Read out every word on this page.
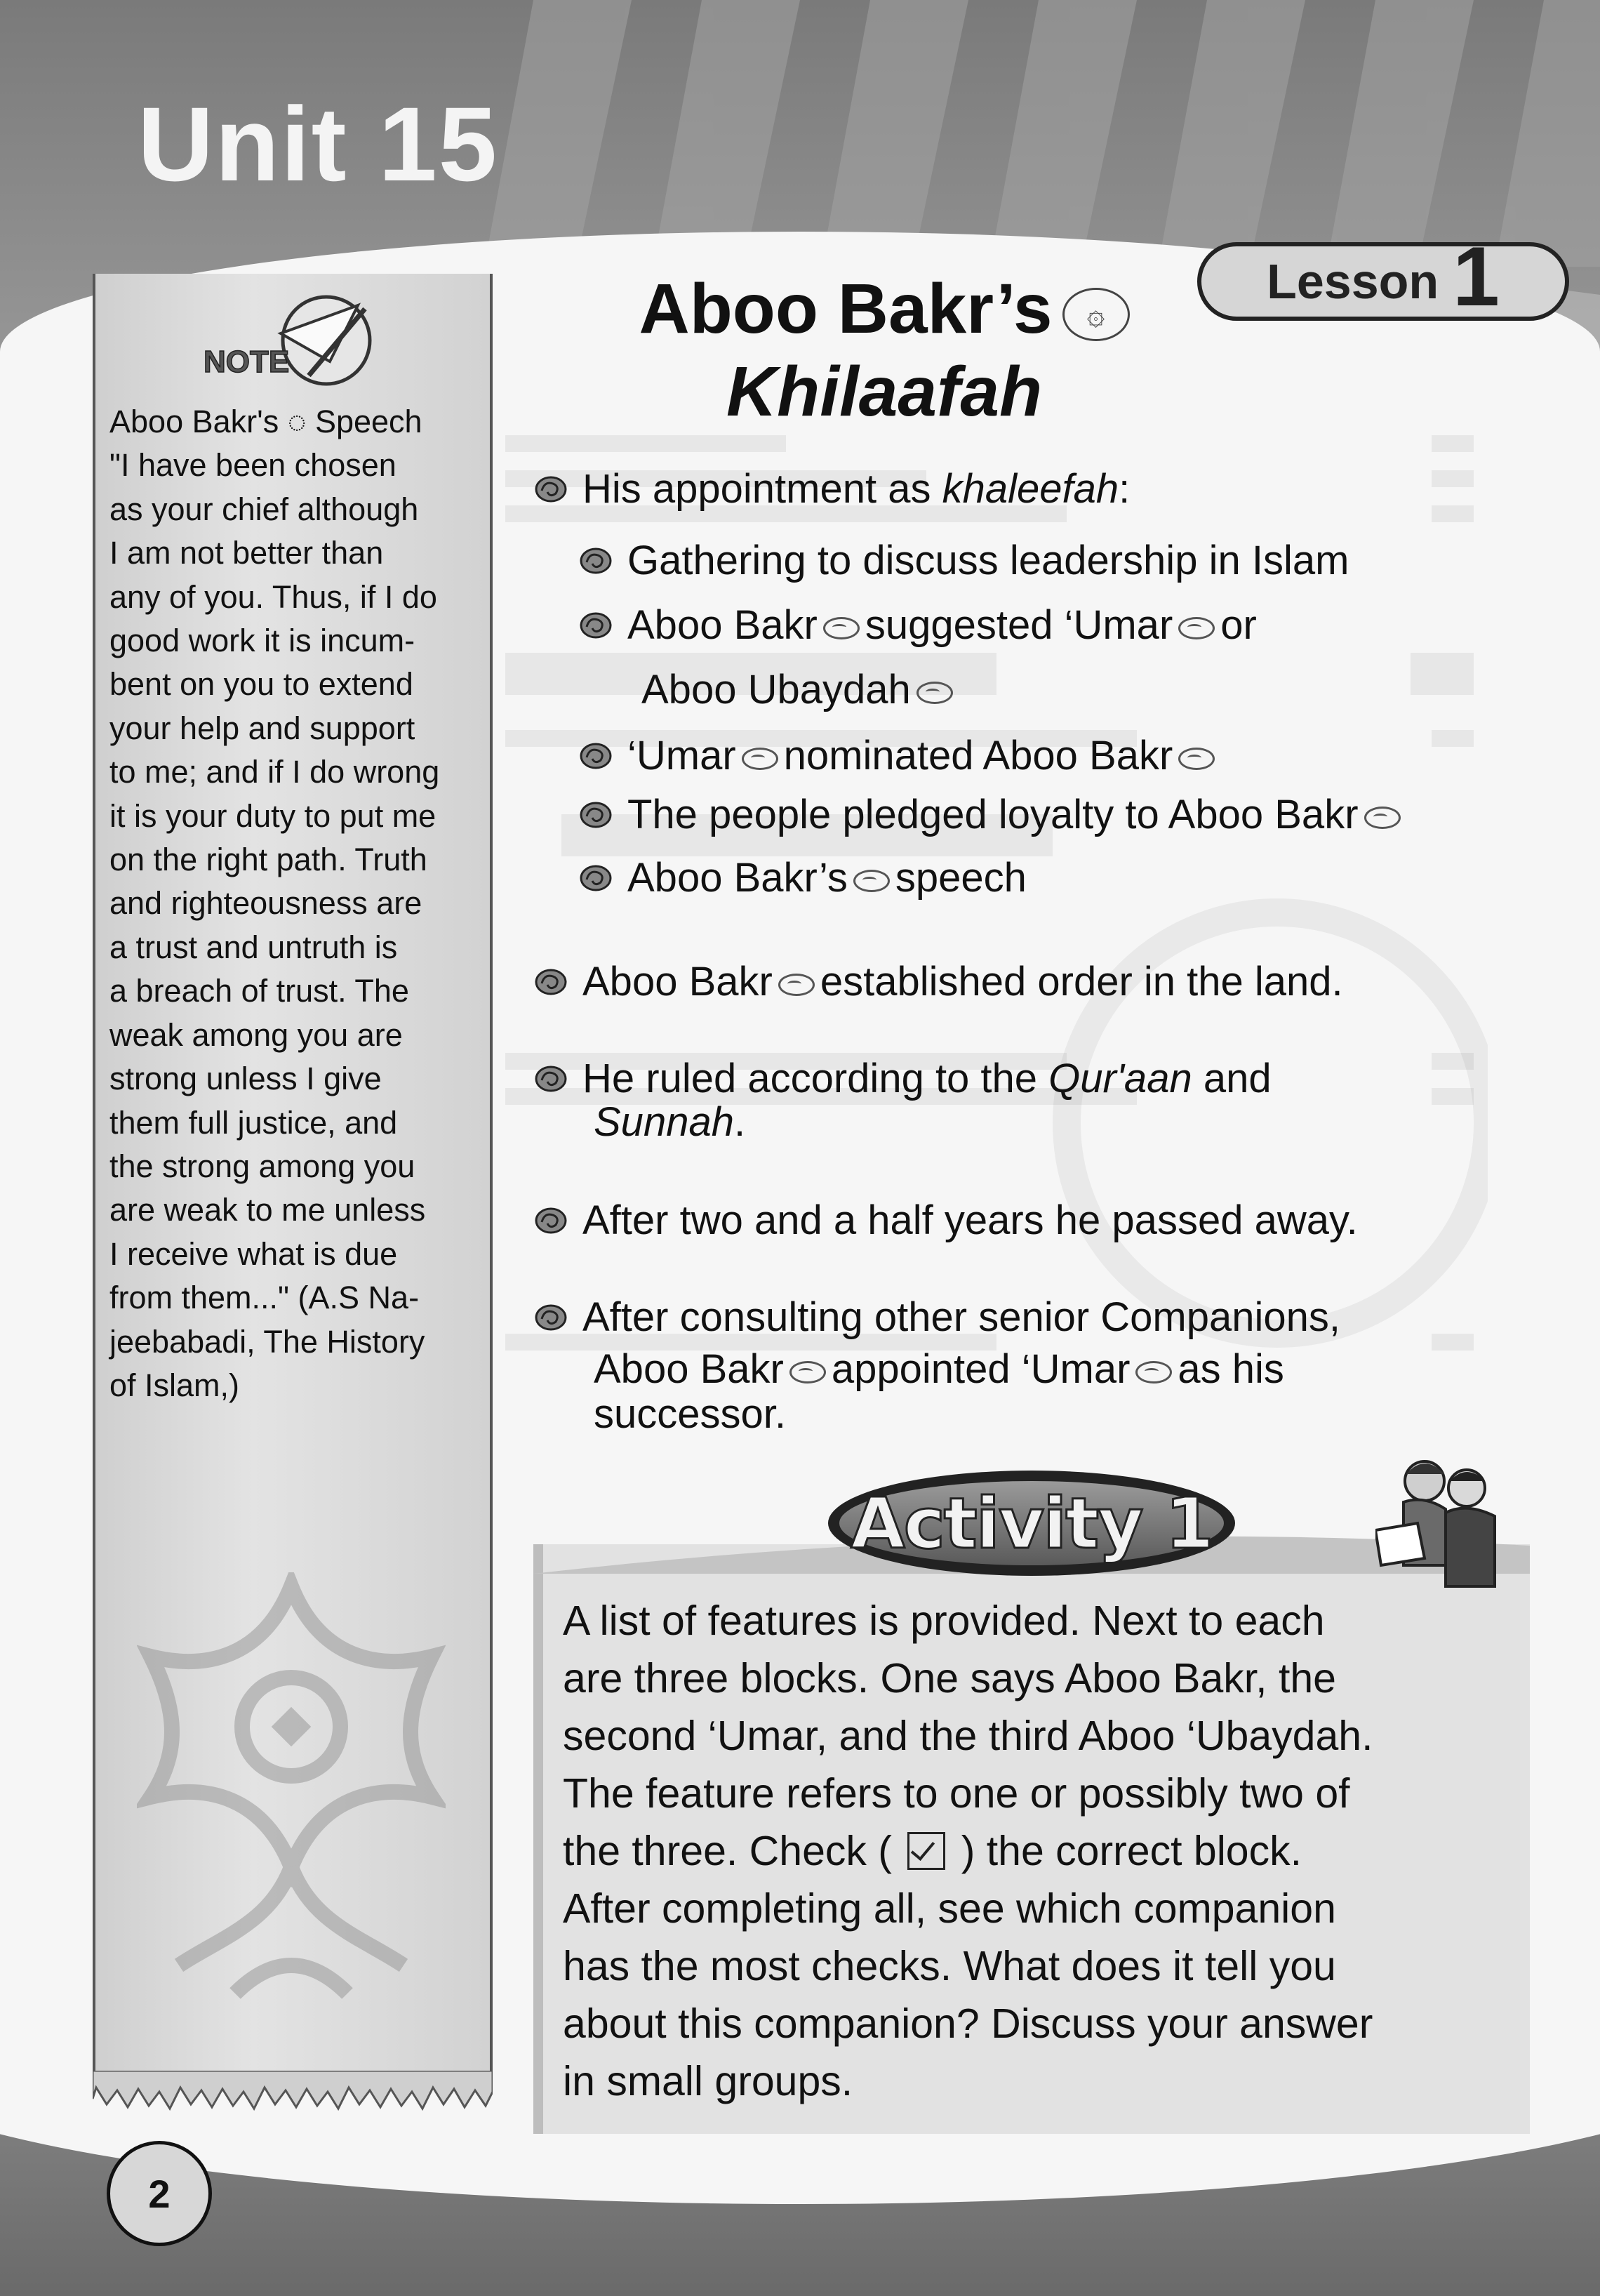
Unit 15
Lesson 1
NOTE

Aboo Bakr's ◌ Speech

"I have been chosen

as your chief although

I am not better than

any of you. Thus, if I do

good work it is incum-

bent on you to extend

your help and support

to me; and if I do wrong

it is your duty to put me

on the right path. Truth

and righteousness are

a trust and untruth is

a breach of trust. The

weak among you are

strong unless I give

them full justice, and

the strong among you

are weak to me unless

I receive what is due

from them..." (A.S Na-

jeebabadi, The History

of Islam,)

Aboo Bakr’s ۞
Khilaafah
His appointment as khaleefah:
Gathering to discuss leadership in Islam
Aboo Bakr suggested ‘Umar or
Aboo Ubaydah
‘Umar nominated Aboo Bakr
The people pledged loyalty to Aboo Bakr
Aboo Bakr’s speech
Aboo Bakr established order in the land.
He ruled according to the Qur'aan and
Sunnah.
After two and a half years he passed away.
After consulting other senior Companions,
Aboo Bakr appointed ‘Umar as his
successor.
Activity 1

A list of features is provided. Next to each

are three blocks. One says Aboo Bakr, the

second ‘Umar, and the third Aboo ‘Ubaydah.

The feature refers to one or possibly two of

the three. Check (  ) the correct block.

After completing all, see which companion

has the most checks. What does it tell you

about this companion? Discuss your answer

in small groups.

2
